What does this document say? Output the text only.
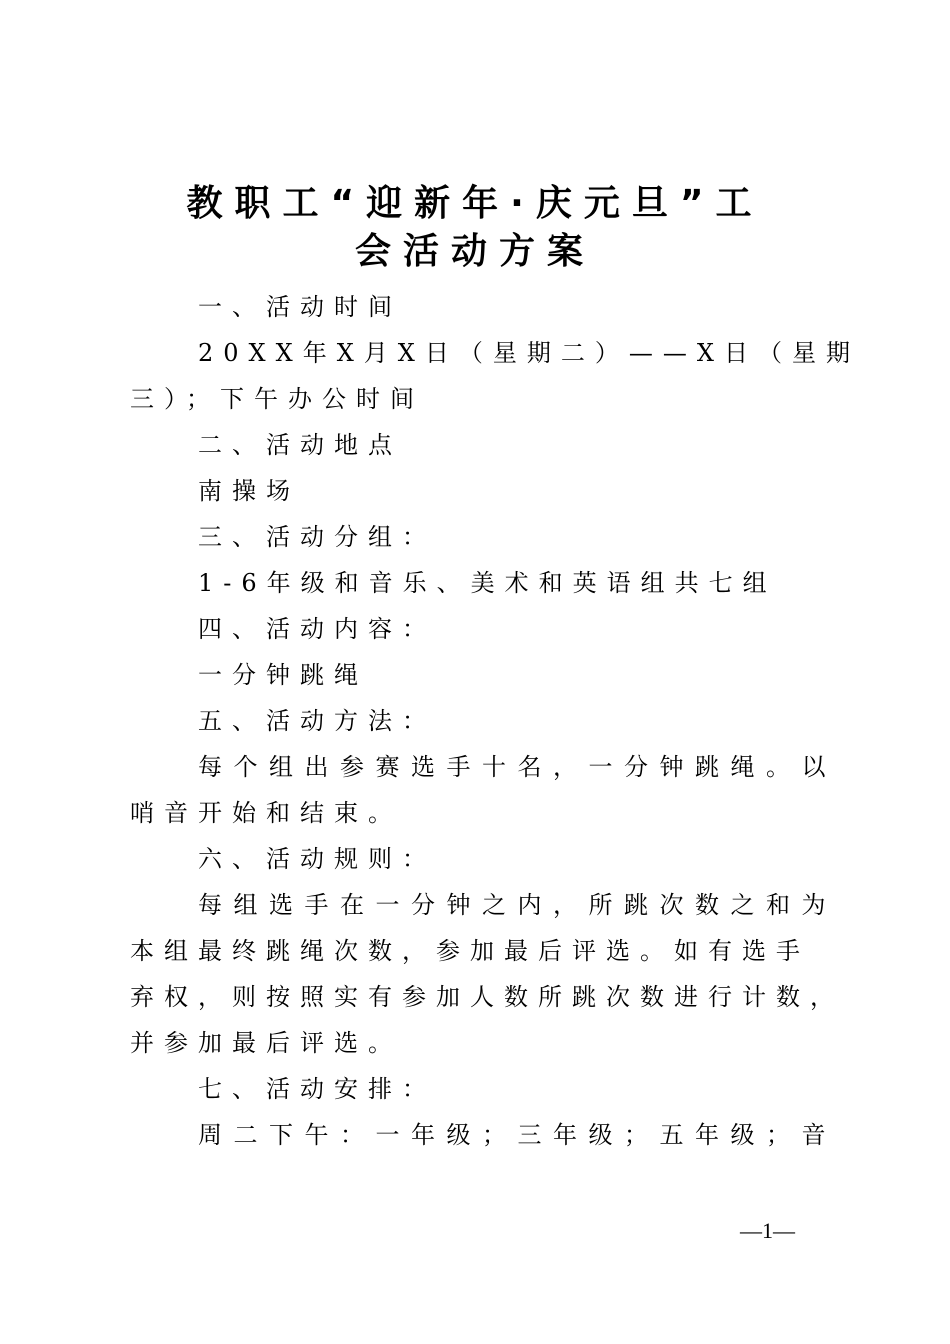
教职工“迎新年·庆元旦”工
会活动方案
一、活动时间
20XX年X月X日（星期二）——X日（星期
三）；下午办公时间
二、活动地点
南操场
三、活动分组：
1-6年级和音乐、美术和英语组共七组
四、活动内容：
一分钟跳绳
五、活动方法：
每个组出参赛选手十名，一分钟跳绳。以
哨音开始和结束。
六、活动规则：
每组选手在一分钟之内，所跳次数之和为
本组最终跳绳次数，参加最后评选。如有选手
弃权，则按照实有参加人数所跳次数进行计数，
并参加最后评选。
七、活动安排：
周二下午：一年级；三年级；五年级；音
—1—
